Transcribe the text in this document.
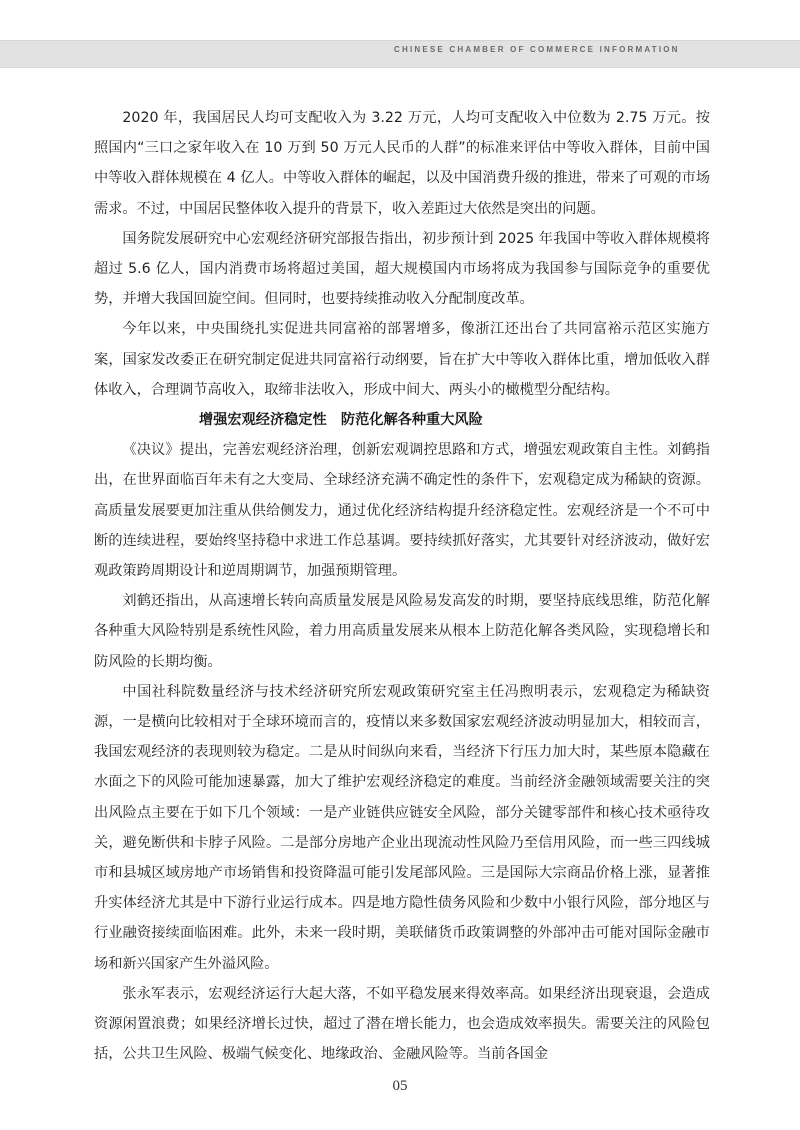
CHINESE CHAMBER OF COMMERCE INFORMATION

2020 年，我国居民人均可支配收入为 3.22 万元，人均可支配收入中位数为 2.75 万元。按照国内“三口之家年收入在 10 万到 50 万元人民币的人群”的标准来评估中等收入群体，目前中国中等收入群体规模在 4 亿人。中等收入群体的崛起，以及中国消费升级的推进，带来了可观的市场需求。不过，中国居民整体收入提升的背景下，收入差距过大依然是突出的问题。

国务院发展研究中心宏观经济研究部报告指出，初步预计到 2025 年我国中等收入群体规模将超过 5.6 亿人，国内消费市场将超过美国，超大规模国内市场将成为我国参与国际竞争的重要优势，并增大我国回旋空间。但同时，也要持续推动收入分配制度改革。

今年以来，中央围绕扎实促进共同富裕的部署增多，像浙江还出台了共同富裕示范区实施方案，国家发改委正在研究制定促进共同富裕行动纲要，旨在扩大中等收入群体比重，增加低收入群体收入，合理调节高收入，取缔非法收入，形成中间大、两头小的橄榄型分配结构。

增强宏观经济稳定性　防范化解各种重大风险

《决议》提出，完善宏观经济治理，创新宏观调控思路和方式，增强宏观政策自主性。刘鹤指出，在世界面临百年未有之大变局、全球经济充满不确定性的条件下，宏观稳定成为稀缺的资源。高质量发展要更加注重从供给侧发力，通过优化经济结构提升经济稳定性。宏观经济是一个不可中断的连续进程，要始终坚持稳中求进工作总基调。要持续抓好落实，尤其要针对经济波动，做好宏观政策跨周期设计和逆周期调节，加强预期管理。

刘鹤还指出，从高速增长转向高质量发展是风险易发高发的时期，要坚持底线思维，防范化解各种重大风险特别是系统性风险，着力用高质量发展来从根本上防范化解各类风险，实现稳增长和防风险的长期均衡。

中国社科院数量经济与技术经济研究所宏观政策研究室主任冯煦明表示，宏观稳定为稀缺资源，一是横向比较相对于全球环境而言的，疫情以来多数国家宏观经济波动明显加大，相较而言，我国宏观经济的表现则较为稳定。二是从时间纵向来看，当经济下行压力加大时，某些原本隐藏在水面之下的风险可能加速暴露，加大了维护宏观经济稳定的难度。当前经济金融领域需要关注的突出风险点主要在于如下几个领域：一是产业链供应链安全风险，部分关键零部件和核心技术亟待攻关，避免断供和卡脖子风险。二是部分房地产企业出现流动性风险乃至信用风险，而一些三四线城市和县城区域房地产市场销售和投资降温可能引发尾部风险。三是国际大宗商品价格上涨，显著推升实体经济尤其是中下游行业运行成本。四是地方隐性债务风险和少数中小银行风险，部分地区与行业融资接续面临困难。此外，未来一段时期，美联储货币政策调整的外部冲击可能对国际金融市场和新兴国家产生外溢风险。

张永军表示，宏观经济运行大起大落，不如平稳发展来得效率高。如果经济出现衰退，会造成资源闲置浪费；如果经济增长过快，超过了潜在增长能力，也会造成效率损失。需要关注的风险包括，公共卫生风险、极端气候变化、地缘政治、金融风险等。当前各国金

05
